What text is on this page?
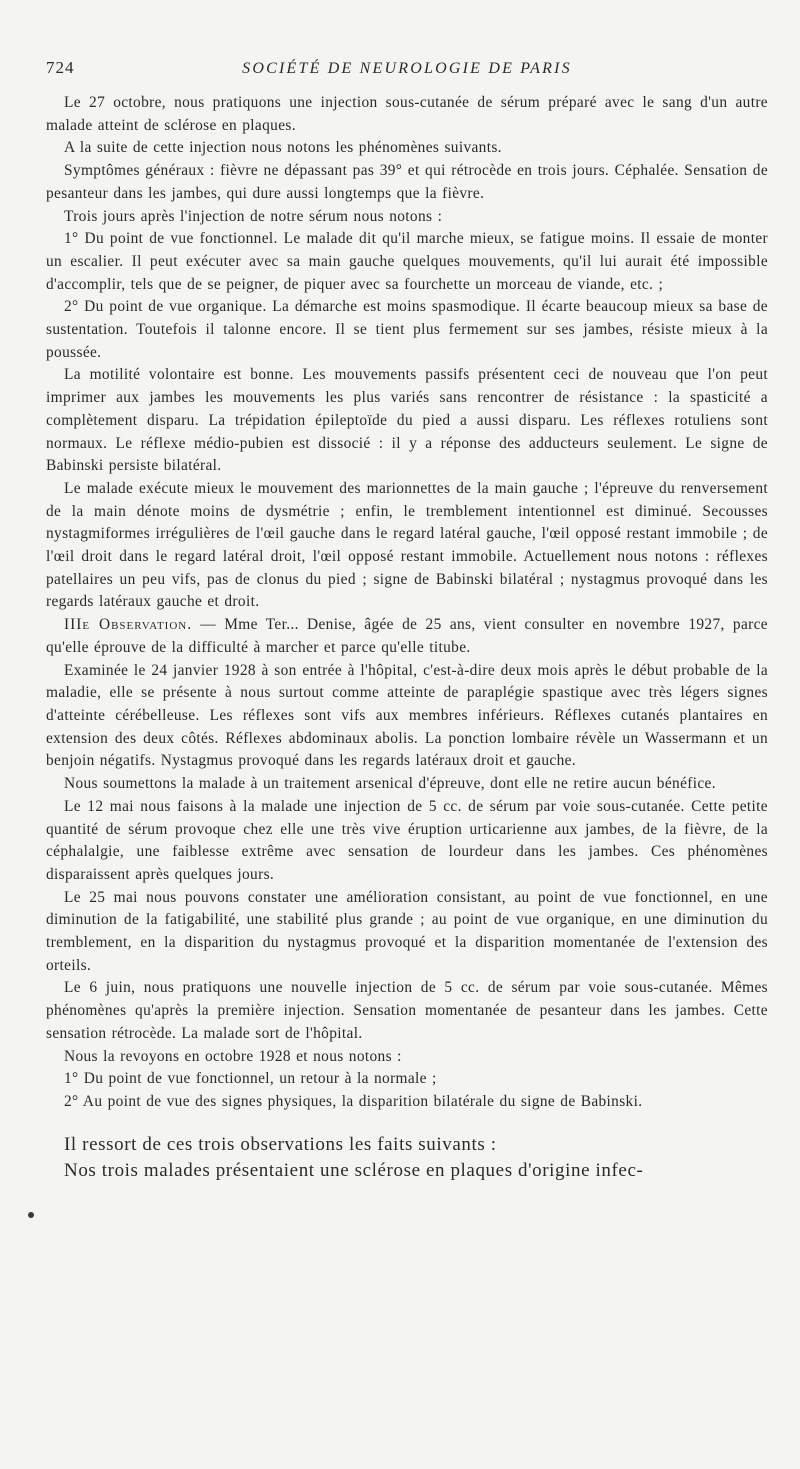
724	SOCIÉTÉ DE NEUROLOGIE DE PARIS

Le 27 octobre, nous pratiquons une injection sous-cutanée de sérum préparé avec le sang d'un autre malade atteint de sclérose en plaques.

A la suite de cette injection nous notons les phénomènes suivants.

Symptômes généraux : fièvre ne dépassant pas 39° et qui rétrocède en trois jours. Céphalée. Sensation de pesanteur dans les jambes, qui dure aussi longtemps que la fièvre.

Trois jours après l'injection de notre sérum nous notons :

1° Du point de vue fonctionnel. Le malade dit qu'il marche mieux, se fatigue moins. Il essaie de monter un escalier. Il peut exécuter avec sa main gauche quelques mouvements, qu'il lui aurait été impossible d'accomplir, tels que de se peigner, de piquer avec sa fourchette un morceau de viande, etc. ;

2° Du point de vue organique. La démarche est moins spasmodique. Il écarte beaucoup mieux sa base de sustentation. Toutefois il talonne encore. Il se tient plus fermement sur ses jambes, résiste mieux à la poussée.

La motilité volontaire est bonne. Les mouvements passifs présentent ceci de nouveau que l'on peut imprimer aux jambes les mouvements les plus variés sans rencontrer de résistance : la spasticité a complètement disparu. La trépidation épileptoïde du pied a aussi disparu. Les réflexes rotuliens sont normaux. Le réflexe médio-pubien est dissocié : il y a réponse des adducteurs seulement. Le signe de Babinski persiste bilatéral.

Le malade exécute mieux le mouvement des marionnettes de la main gauche ; l'épreuve du renversement de la main dénote moins de dysmétrie ; enfin, le tremblement intentionnel est diminué. Secousses nystagmiformes irrégulières de l'œil gauche dans le regard latéral gauche, l'œil opposé restant immobile ; de l'œil droit dans le regard latéral droit, l'œil opposé restant immobile. Actuellement nous notons : réflexes patellaires un peu vifs, pas de clonus du pied ; signe de Babinski bilatéral ; nystagmus provoqué dans les regards latéraux gauche et droit.

IIIe Observation. — Mme Ter... Denise, âgée de 25 ans, vient consulter en novembre 1927, parce qu'elle éprouve de la difficulté à marcher et parce qu'elle titube.

Examinée le 24 janvier 1928 à son entrée à l'hôpital, c'est-à-dire deux mois après le début probable de la maladie, elle se présente à nous surtout comme atteinte de paraplégie spastique avec très légers signes d'atteinte cérébelleuse. Les réflexes sont vifs aux membres inférieurs. Réflexes cutanés plantaires en extension des deux côtés. Réflexes abdominaux abolis. La ponction lombaire révèle un Wassermann et un benjoin négatifs. Nystagmus provoqué dans les regards latéraux droit et gauche.

Nous soumettons la malade à un traitement arsenical d'épreuve, dont elle ne retire aucun bénéfice.

Le 12 mai nous faisons à la malade une injection de 5 cc. de sérum par voie sous-cutanée. Cette petite quantité de sérum provoque chez elle une très vive éruption urticarienne aux jambes, de la fièvre, de la céphalalgie, une faiblesse extrême avec sensation de lourdeur dans les jambes. Ces phénomènes disparaissent après quelques jours.

Le 25 mai nous pouvons constater une amélioration consistant, au point de vue fonctionnel, en une diminution de la fatigabilité, une stabilité plus grande ; au point de vue organique, en une diminution du tremblement, en la disparition du nystagmus provoqué et la disparition momentanée de l'extension des orteils.

Le 6 juin, nous pratiquons une nouvelle injection de 5 cc. de sérum par voie sous-cutanée. Mêmes phénomènes qu'après la première injection. Sensation momentanée de pesanteur dans les jambes. Cette sensation rétrocède. La malade sort de l'hôpital.

Nous la revoyons en octobre 1928 et nous notons :

1° Du point de vue fonctionnel, un retour à la normale ;

2° Au point de vue des signes physiques, la disparition bilatérale du signe de Babinski.

Il ressort de ces trois observations les faits suivants :

Nos trois malades présentaient une sclérose en plaques d'origine infec-
